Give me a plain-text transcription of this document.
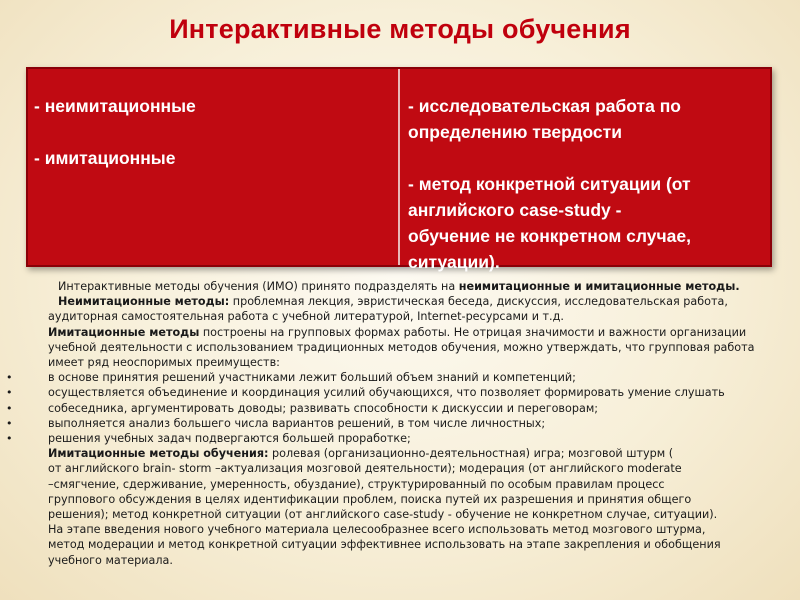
Интерактивные методы обучения

- неимитационные

- имитационные

- исследовательская работа по

определению твердости

- метод конкретной ситуации (от

английского case-study -

обучение не конкретном случае,

ситуации).

Интерактивные методы обучения (ИМО) принято подразделять на неимитационные и имитационные методы.
Неимитационные методы: проблемная лекция, эвристическая беседа, дискуссия, исследовательская работа,
аудиторная самостоятельная работа с учебной литературой, Internet-ресурсами и т.д.
Имитационные методы построены на групповых формах работы. Не отрицая значимости и важности организации
учебной деятельности с использованием традиционных методов обучения, можно утверждать, что групповая работа
имеет ряд неоспоримых преимуществ:
•	в основе принятия решений участниками лежит больший объем знаний и компетенций;
•	осуществляется объединение и координация усилий обучающихся, что позволяет формировать умение слушать
•	собеседника, аргументировать доводы; развивать способности к дискуссии и переговорам;
•	выполняется анализ большего числа вариантов решений, в том числе личностных;
•	решения учебных задач подвергаются большей проработке;
Имитационные методы обучения: ролевая (организационно-деятельностная) игра; мозговой штурм (
от английского brain- storm –актуализация мозговой деятельности); модерация (от английского moderate
–смягчение, сдерживание, умеренность, обуздание), структурированный по особым правилам процесс
группового обсуждения в целях идентификации проблем, поиска путей их разрешения и принятия общего
решения); метод конкретной ситуации (от английского case-study - обучение не конкретном случае, ситуации).
На этапе введения нового учебного материала целесообразнее всего использовать метод мозгового штурма,
метод модерации и метод конкретной ситуации эффективнее использовать на этапе закрепления и обобщения
учебного материала.
